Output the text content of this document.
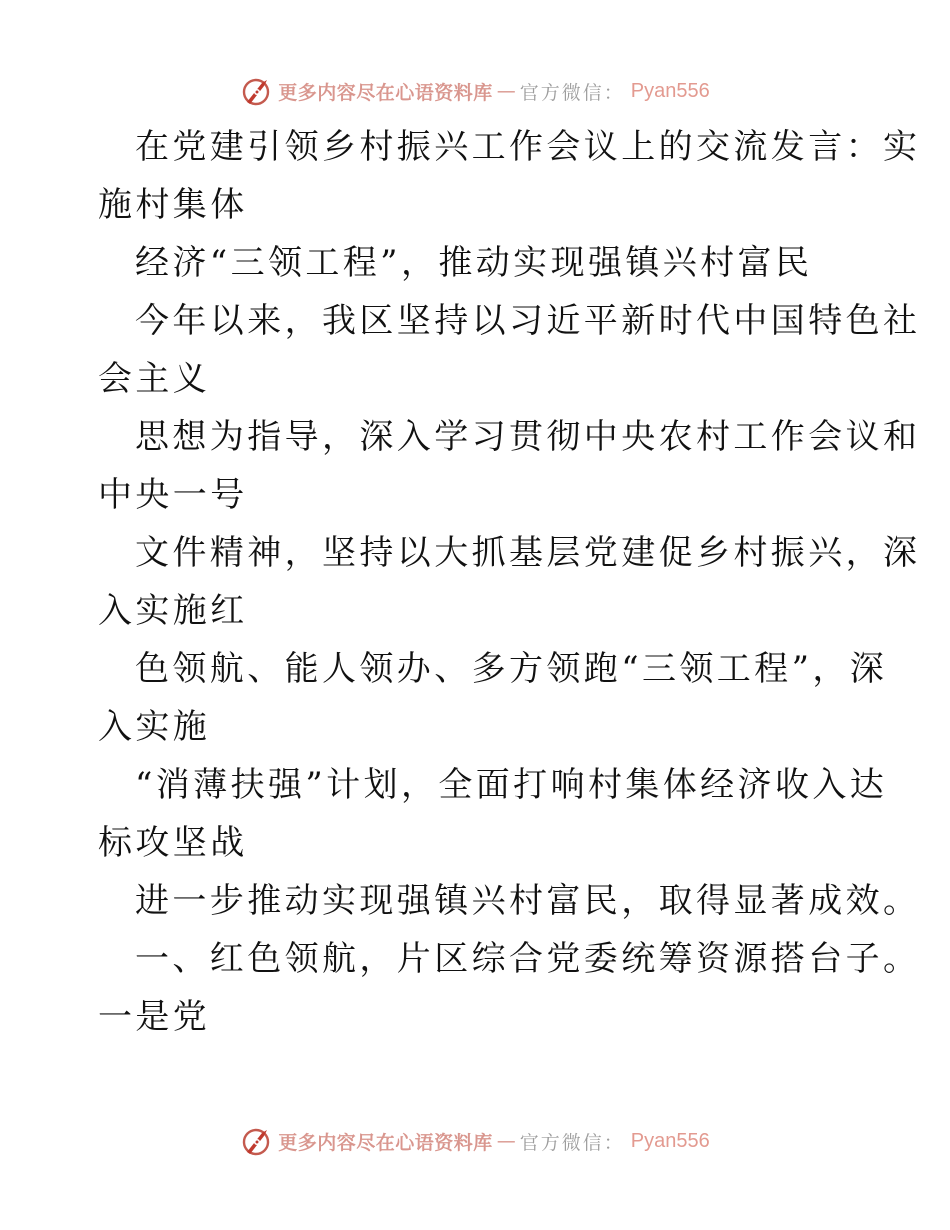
更多内容尽在心语资料库 — 官方微信： Pyan556
在党建引领乡村振兴工作会议上的交流发言：实
施村集体
经济“三领工程”，推动实现强镇兴村富民
今年以来，我区坚持以习近平新时代中国特色社
会主义
思想为指导，深入学习贯彻中央农村工作会议和
中央一号
文件精神，坚持以大抓基层党建促乡村振兴，深
入实施红
色领航、能人领办、多方领跑“三领工程”，深
入实施
“消薄扶强”计划，全面打响村集体经济收入达
标攻坚战
进一步推动实现强镇兴村富民，取得显著成效。
一、红色领航，片区综合党委统筹资源搭台子。
一是党
更多内容尽在心语资料库 — 官方微信： Pyan556
